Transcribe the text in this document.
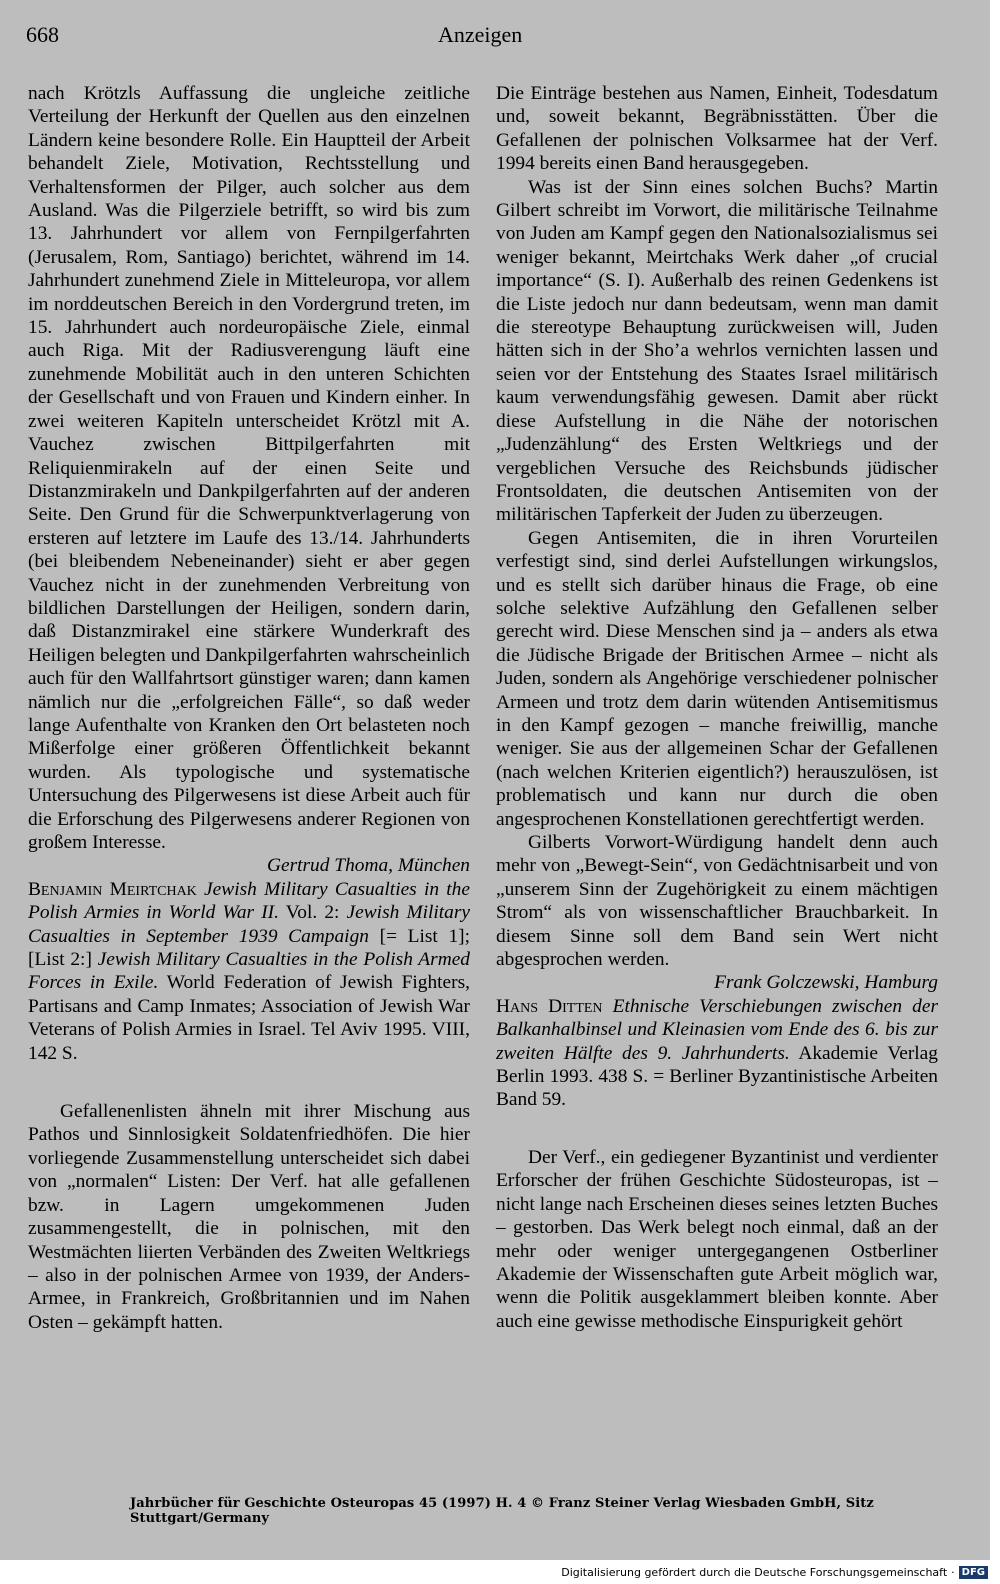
668	Anzeigen

nach Krötzls Auffassung die ungleiche zeitliche Verteilung der Herkunft der Quellen aus den einzelnen Ländern keine besondere Rolle. Ein Hauptteil der Arbeit behandelt Ziele, Motivation, Rechtsstellung und Verhaltensformen der Pilger, auch solcher aus dem Ausland. Was die Pilgerziele betrifft, so wird bis zum 13. Jahrhundert vor allem von Fernpilgerfahrten (Jerusalem, Rom, Santiago) berichtet, während im 14. Jahrhundert zunehmend Ziele in Mitteleuropa, vor allem im norddeutschen Bereich in den Vordergrund treten, im 15. Jahrhundert auch nordeuropäische Ziele, einmal auch Riga. Mit der Radiusverengung läuft eine zunehmende Mobilität auch in den unteren Schichten der Gesellschaft und von Frauen und Kindern einher. In zwei weiteren Kapiteln unterscheidet Krötzl mit A. Vauchez zwischen Bittpilgerfahrten mit Reliquienmirakeln auf der einen Seite und Distanzmirakeln und Dankpilgerfahrten auf der anderen Seite. Den Grund für die Schwerpunktverlagerung von ersteren auf letztere im Laufe des 13./14. Jahrhunderts (bei bleibendem Nebeneinander) sieht er aber gegen Vauchez nicht in der zunehmenden Verbreitung von bildlichen Darstellungen der Heiligen, sondern darin, daß Distanzmirakel eine stärkere Wunderkraft des Heiligen belegten und Dankpilgerfahrten wahrscheinlich auch für den Wallfahrtsort günstiger waren; dann kamen nämlich nur die „erfolgreichen Fälle“, so daß weder lange Aufenthalte von Kranken den Ort belasteten noch Mißerfolge einer größeren Öffentlichkeit bekannt wurden. Als typologische und systematische Untersuchung des Pilgerwesens ist diese Arbeit auch für die Erforschung des Pilgerwesens anderer Regionen von großem Interesse.

Gertrud Thoma, München

Benjamin Meirtchak Jewish Military Casualties in the Polish Armies in World War II. Vol. 2: Jewish Military Casualties in September 1939 Campaign [= List 1]; [List 2:] Jewish Military Casualties in the Polish Armed Forces in Exile. World Federation of Jewish Fighters, Partisans and Camp Inmates; Association of Jewish War Veterans of Polish Armies in Israel. Tel Aviv 1995. VIII, 142 S.

Gefallenenlisten ähneln mit ihrer Mischung aus Pathos und Sinnlosigkeit Soldatenfriedhöfen. Die hier vorliegende Zusammenstellung unterscheidet sich dabei von „normalen“ Listen: Der Verf. hat alle gefallenen bzw. in Lagern umgekommenen Juden zusammengestellt, die in polnischen, mit den Westmächten liierten Verbänden des Zweiten Weltkriegs – also in der polnischen Armee von 1939, der Anders-Armee, in Frankreich, Großbritannien und im Nahen Osten – gekämpft hatten.

Die Einträge bestehen aus Namen, Einheit, Todesdatum und, soweit bekannt, Begräbnisstätten. Über die Gefallenen der polnischen Volksarmee hat der Verf. 1994 bereits einen Band herausgegeben.

Was ist der Sinn eines solchen Buchs? Martin Gilbert schreibt im Vorwort, die militärische Teilnahme von Juden am Kampf gegen den Nationalsozialismus sei weniger bekannt, Meirtchaks Werk daher „of crucial importance“ (S. I). Außerhalb des reinen Gedenkens ist die Liste jedoch nur dann bedeutsam, wenn man damit die stereotype Behauptung zurückweisen will, Juden hätten sich in der Sho’a wehrlos vernichten lassen und seien vor der Entstehung des Staates Israel militärisch kaum verwendungsfähig gewesen. Damit aber rückt diese Aufstellung in die Nähe der notorischen „Judenzählung“ des Ersten Weltkriegs und der vergeblichen Versuche des Reichsbunds jüdischer Frontsoldaten, die deutschen Antisemiten von der militärischen Tapferkeit der Juden zu überzeugen.

Gegen Antisemiten, die in ihren Vorurteilen verfestigt sind, sind derlei Aufstellungen wirkungslos, und es stellt sich darüber hinaus die Frage, ob eine solche selektive Aufzählung den Gefallenen selber gerecht wird. Diese Menschen sind ja – anders als etwa die Jüdische Brigade der Britischen Armee – nicht als Juden, sondern als Angehörige verschiedener polnischer Armeen und trotz dem darin wütenden Antisemitismus in den Kampf gezogen – manche freiwillig, manche weniger. Sie aus der allgemeinen Schar der Gefallenen (nach welchen Kriterien eigentlich?) herauszulösen, ist problematisch und kann nur durch die oben angesprochenen Konstellationen gerechtfertigt werden.

Gilberts Vorwort-Würdigung handelt denn auch mehr von „Bewegt-Sein“, von Gedächtnisarbeit und von „unserem Sinn der Zugehörigkeit zu einem mächtigen Strom“ als von wissenschaftlicher Brauchbarkeit. In diesem Sinne soll dem Band sein Wert nicht abgesprochen werden.

Frank Golczewski, Hamburg

Hans Ditten Ethnische Verschiebungen zwischen der Balkanhalbinsel und Kleinasien vom Ende des 6. bis zur zweiten Hälfte des 9. Jahrhunderts. Akademie Verlag Berlin 1993. 438 S. = Berliner Byzantinistische Arbeiten Band 59.

Der Verf., ein gediegener Byzantinist und verdienter Erforscher der frühen Geschichte Südosteuropas, ist – nicht lange nach Erscheinen dieses seines letzten Buches – gestorben. Das Werk belegt noch einmal, daß an der mehr oder weniger untergegangenen Ostberliner Akademie der Wissenschaften gute Arbeit möglich war, wenn die Politik ausgeklammert bleiben konnte. Aber auch eine gewisse methodische Einspurigkeit gehört

Jahrbücher für Geschichte Osteuropas 45 (1997) H. 4 © Franz Steiner Verlag Wiesbaden GmbH, Sitz Stuttgart/Germany
Digitalisierung gefördert durch die Deutsche Forschungsgemeinschaft · DFG
